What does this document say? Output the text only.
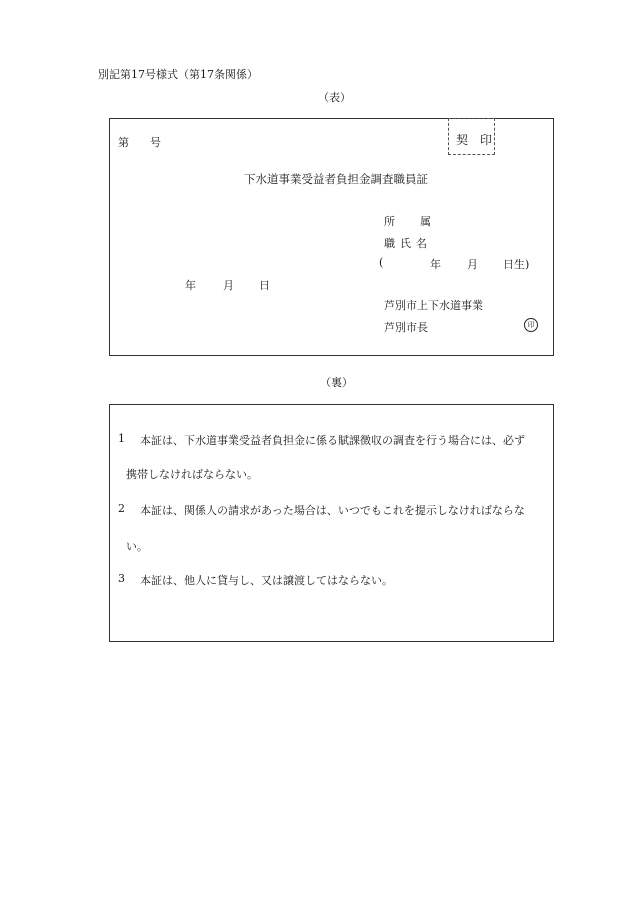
別記第17号様式（第17条関係）
（表）
契　印
第 号
下水道事業受益者負担金調査職員証
所 属
職 氏 名
(	年 月 日生)
年 月 日
芦別市上下水道事業
芦別市長	印
（裏）
1 本証は、下水道事業受益者負担金に係る賦課徴収の調査を行う場合には、必ず
携帯しなければならない。
2 本証は、関係人の請求があった場合は、いつでもこれを提示しなければならな
い。
3 本証は、他人に貸与し、又は譲渡してはならない。
